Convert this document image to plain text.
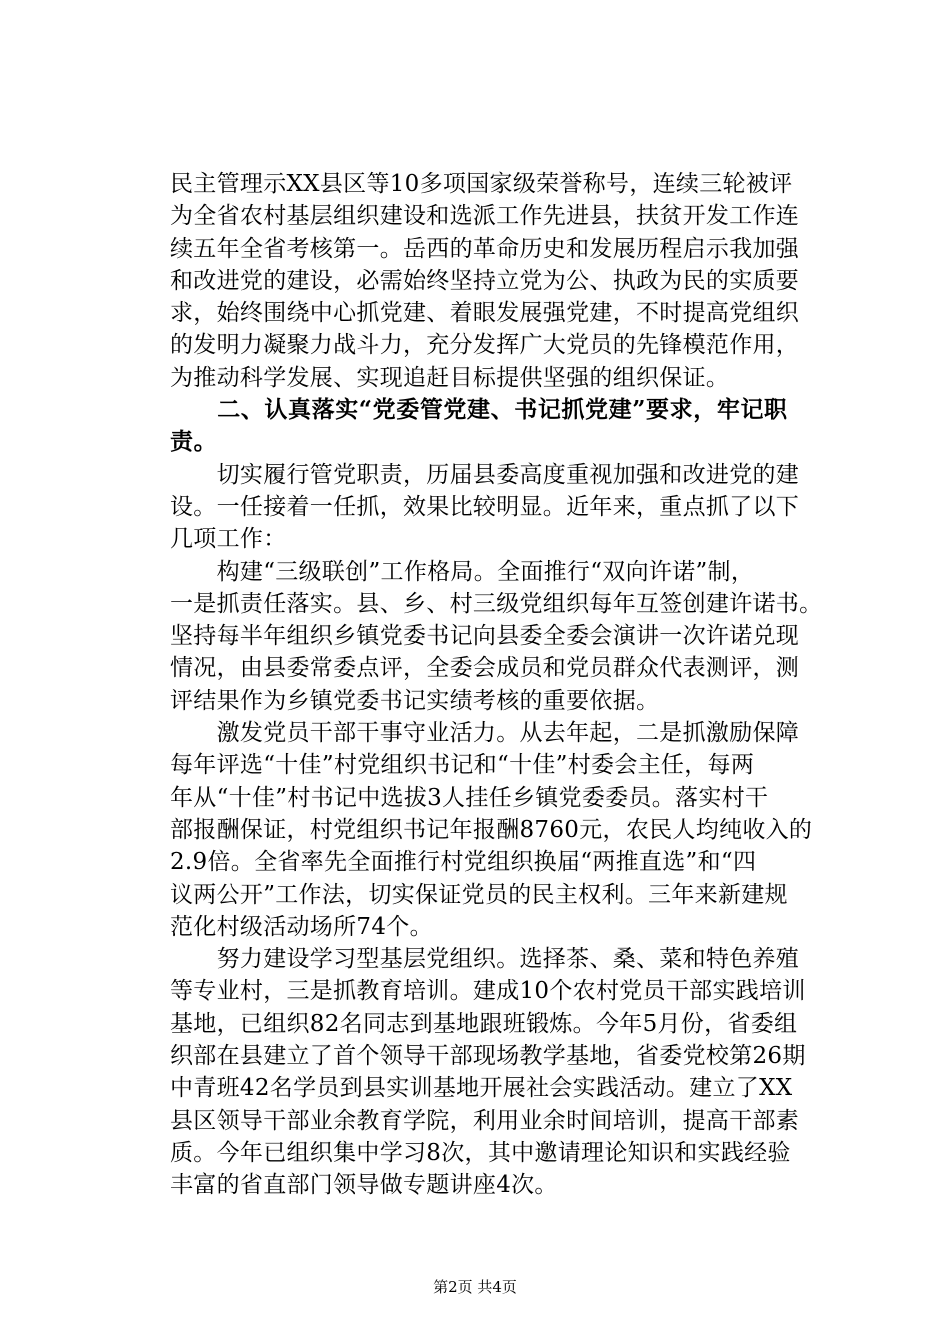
民主管理示XX县区等10多项国家级荣誉称号，连续三轮被评
为全省农村基层组织建设和选派工作先进县，扶贫开发工作连
续五年全省考核第一。岳西的革命历史和发展历程启示我加强
和改进党的建设，必需始终坚持立党为公、执政为民的实质要
求，始终围绕中心抓党建、着眼发展强党建，不时提高党组织
的发明力凝聚力战斗力，充分发挥广大党员的先锋模范作用，
为推动科学发展、实现追赶目标提供坚强的组织保证。
　　二、认真落实“党委管党建、书记抓党建”要求，牢记职
责。
　　切实履行管党职责，历届县委高度重视加强和改进党的建
设。一任接着一任抓，效果比较明显。近年来，重点抓了以下
几项工作：
　　构建“三级联创”工作格局。全面推行“双向许诺”制，
一是抓责任落实。县、乡、村三级党组织每年互签创建许诺书。
坚持每半年组织乡镇党委书记向县委全委会演讲一次许诺兑现
情况，由县委常委点评，全委会成员和党员群众代表测评，测
评结果作为乡镇党委书记实绩考核的重要依据。
　　激发党员干部干事守业活力。从去年起，二是抓激励保障
每年评选“十佳”村党组织书记和“十佳”村委会主任，每两
年从“十佳”村书记中选拔3人挂任乡镇党委委员。落实村干
部报酬保证，村党组织书记年报酬8760元，农民人均纯收入的
2.9倍。全省率先全面推行村党组织换届“两推直选”和“四
议两公开”工作法，切实保证党员的民主权利。三年来新建规
范化村级活动场所74个。
　　努力建设学习型基层党组织。选择茶、桑、菜和特色养殖
等专业村，三是抓教育培训。建成10个农村党员干部实践培训
基地，已组织82名同志到基地跟班锻炼。今年5月份，省委组
织部在县建立了首个领导干部现场教学基地，省委党校第26期
中青班42名学员到县实训基地开展社会实践活动。建立了XX
县区领导干部业余教育学院，利用业余时间培训，提高干部素
质。今年已组织集中学习8次，其中邀请理论知识和实践经验
丰富的省直部门领导做专题讲座4次。
第2页 共4页
